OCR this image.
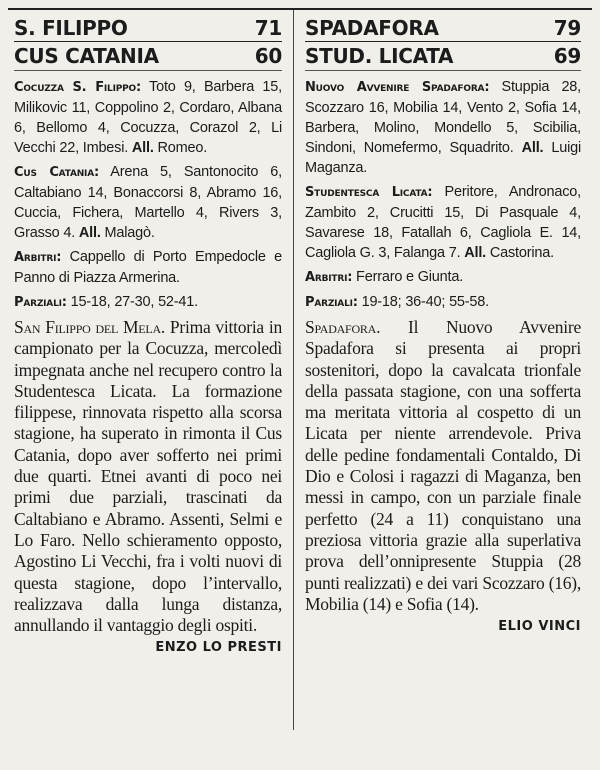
S. FILIPPO	71
CUS CATANIA	60

Cocuzza S. Filippo: Toto 9, Barbera 15, Milikovic 11, Coppolino 2, Cordaro, Albana 6, Bellomo 4, Cocuzza, Corazol 2, Li Vecchi 22, Imbesi. All. Romeo.

Cus Catania: Arena 5, Santonocito 6, Caltabiano 14, Bonaccorsi 8, Abramo 16, Cuccia, Fichera, Martello 4, Rivers 3, Grasso 4. All. Malagò.

Arbitri: Cappello di Porto Empedocle e Panno di Piazza Armerina.

Parziali: 15-18, 27-30, 52-41.

San Filippo del Mela. Prima vittoria in campionato per la Cocuzza, mercoledì impegnata anche nel recupero contro la Studentesca Licata. La formazione filippese, rinnovata rispetto alla scorsa stagione, ha superato in rimonta il Cus Catania, dopo aver sofferto nei primi due quarti. Etnei avanti di poco nei primi due parziali, trascinati da Caltabiano e Abramo. Assenti, Selmi e Lo Faro. Nello schieramento opposto, Agostino Li Vecchi, fra i volti nuovi di questa stagione, dopo l’intervallo, realizzava dalla lunga distanza, annullando il vantaggio degli ospiti.
ENZO LO PRESTI
SPADAFORA	79
STUD. LICATA	69

Nuovo Avvenire Spadafora: Stuppia 28, Scozzaro 16, Mobilia 14, Vento 2, Sofia 14, Barbera, Molino, Mondello 5, Scibilia, Sindoni, Nomefermo, Squadrito. All. Luigi Maganza.

Studentesca Licata: Peritore, Andronaco, Zambito 2, Crucitti 15, Di Pasquale 4, Savarese 18, Fatallah 6, Cagliola E. 14, Cagliola G. 3, Falanga 7. All. Castorina.

Arbitri: Ferraro e Giunta.

Parziali: 19-18; 36-40; 55-58.

Spadafora. Il Nuovo Avvenire Spadafora si presenta ai propri sostenitori, dopo la cavalcata trionfale della passata stagione, con una sofferta ma meritata vittoria al cospetto di un Licata per niente arrendevole. Priva delle pedine fondamentali Contaldo, Di Dio e Colosi i ragazzi di Maganza, ben messi in campo, con un parziale finale perfetto (24 a 11) conquistano una preziosa vittoria grazie alla superlativa prova dell’onnipresente Stuppia (28 punti realizzati) e dei vari Scozzaro (16), Mobilia (14) e Sofia (14).
ELIO VINCI
